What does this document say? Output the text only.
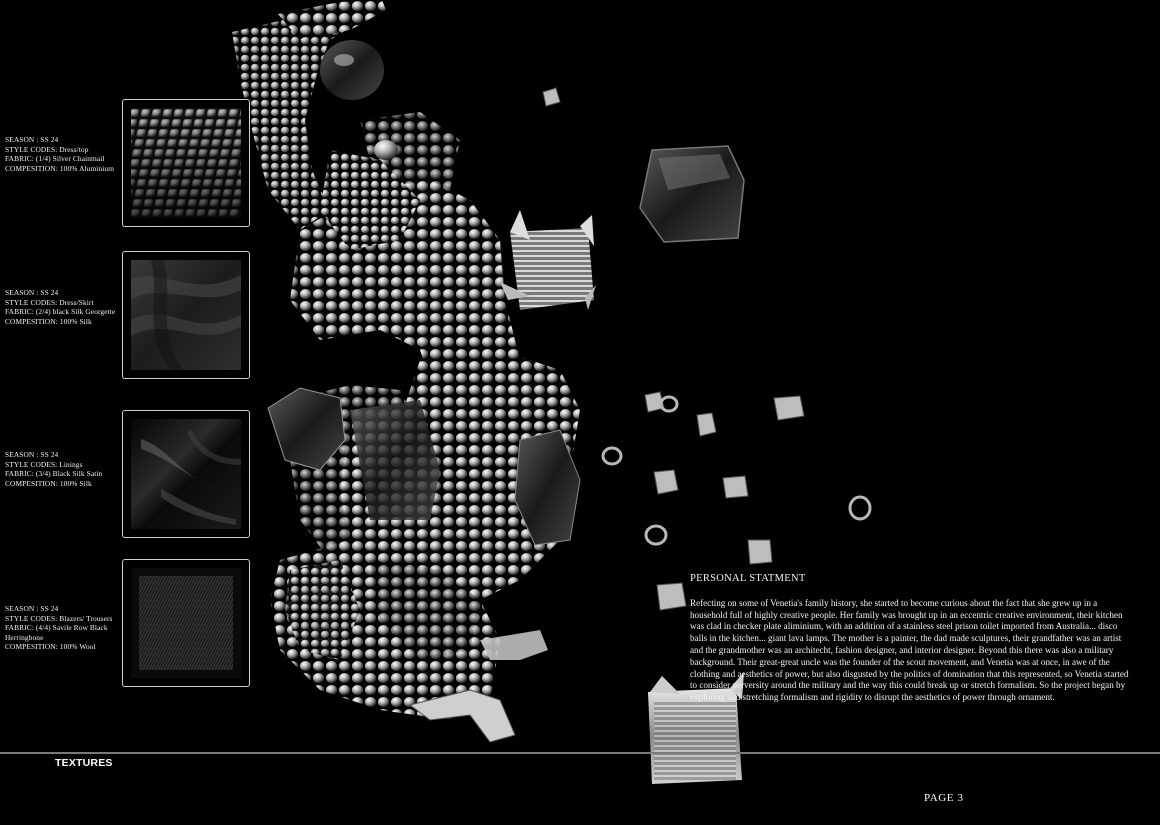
SEASON : SS 24
STYLE CODES: Dress/top
FABRIC: (1/4) Silver Chainmail
COMPESITION: 100% Aluminium
SEASON : SS 24
STYLE CODES: Dress/Skirt
FABRIC: (2/4) black Silk Georgette
COMPESITION: 100% Silk
SEASON : SS 24
STYLE CODES: Linings
FABRIC: (3/4) Black Silk Satin
COMPESITION: 100% Silk
SEASON : SS 24
STYLE CODES: Blazers/ Trousers
FABRIC: (4/4) Savile Row Black Herringbone
COMPESITION: 100% Wool
PERSONAL STATMENT

Refecting on some of Venetia's family history, she started to become curious about the fact that she grew up in a household full of highly creative people. Her family was brought up in an eccentric creative environment, their kitchen was clad in checker plate aliminium, with an addition of a stainless steel prison toilet imported from Australia... disco balls in the kitchen... giant lava lamps. The mother is a painter, the dad made sculptures, their grandfather was an artist and the grandmother was an architecht, fashion designer, and interior designer. Beyond this there was also a military background. Their great-great uncle was the founder of the scout movement, and Venetia was at once, in awe of the clothing and aesthetics of power, but also disgusted by the politics of domination that this represented, so Venetia started to consider perversity around the military and the way this could break up or stretch formalism. So the project began by exploring and stretching formalism and rigidity to disrupt the aesthetics of power through ornament.

TEXTURES
PAGE 3
